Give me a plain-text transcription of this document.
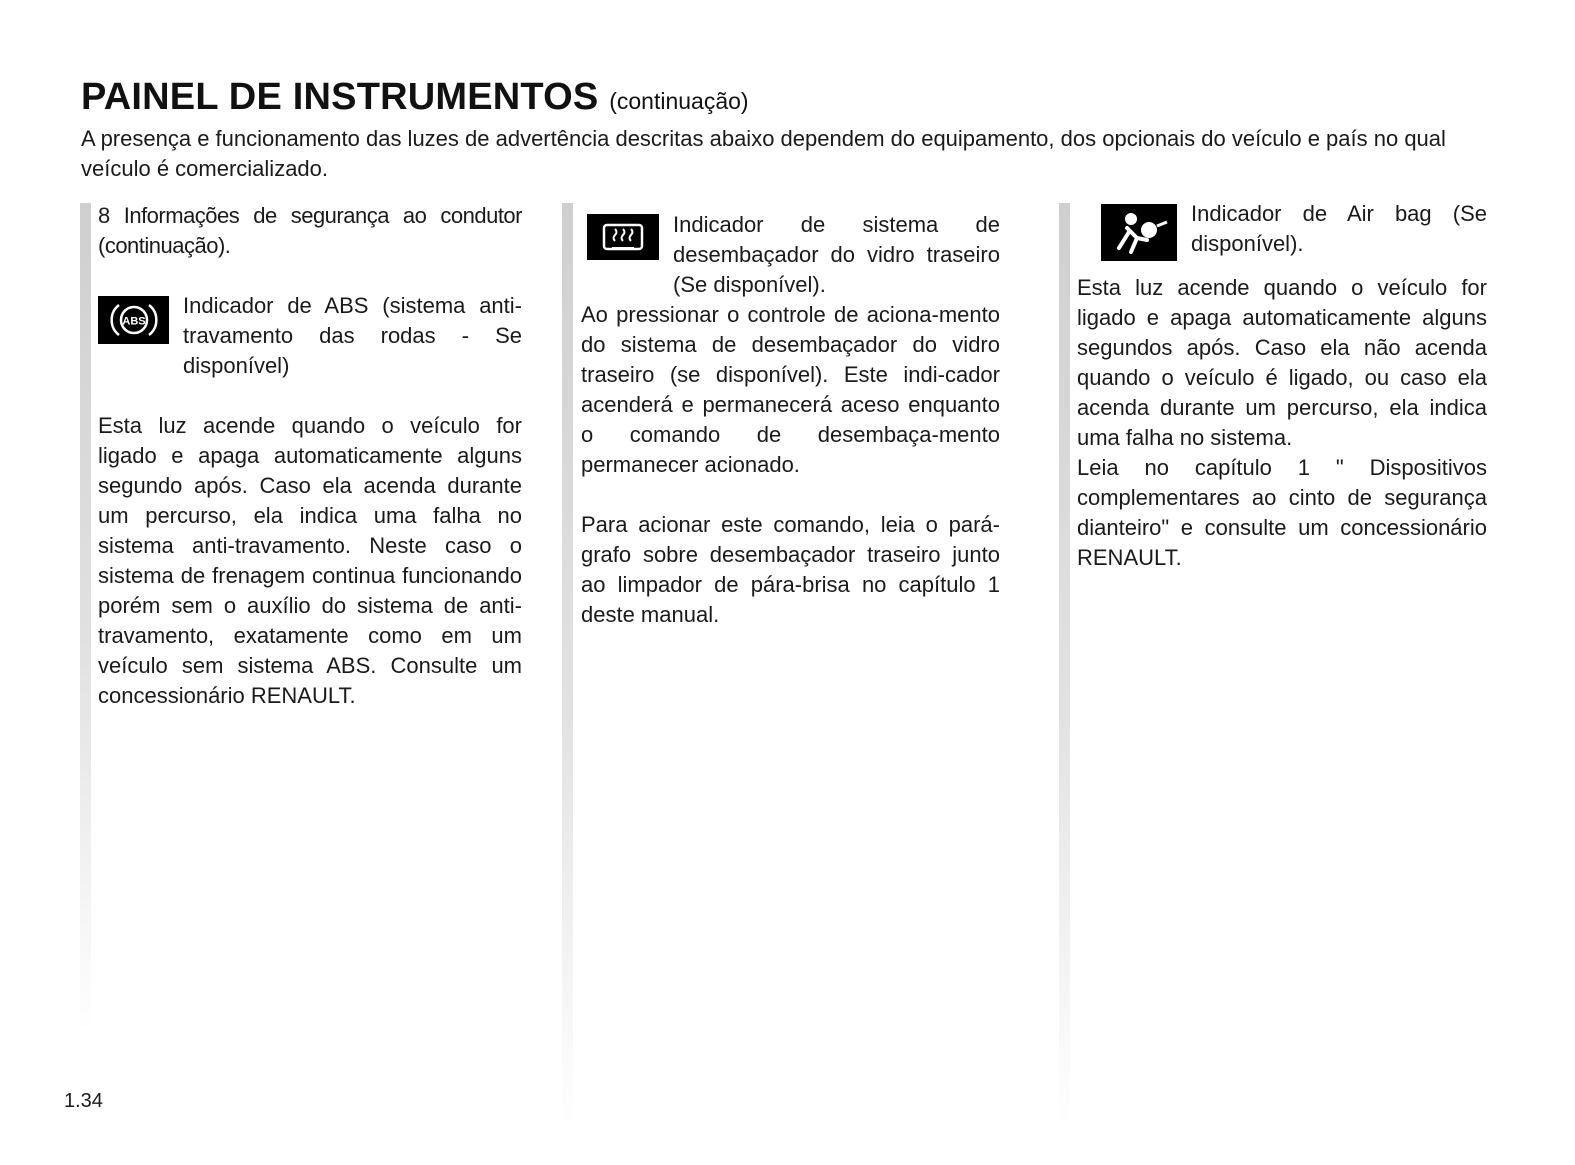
PAINEL DE INSTRUMENTOS (continuação)

A presença e funcionamento das luzes de advertência descritas abaixo dependem do equipamento, dos opcionais do veículo e país no qual veículo é comercializado.

8 Informações de segurança ao condutor (continuação).

ABS
Indicador de ABS (sistema anti-travamento das rodas - Se disponível)

Esta luz acende quando o veículo for ligado e apaga automaticamente alguns segundo após. Caso ela acenda durante um percurso, ela indica uma falha no sistema anti-travamento. Neste caso o sistema de frenagem continua funcionando porém sem o auxílio do sistema de anti-travamento, exatamente como em um veículo sem sistema ABS. Consulte um concessionário RENAULT.

Indicador de sistema de desembaçador do vidro traseiro (Se disponível).

Ao pressionar o controle de aciona-mento do sistema de desembaçador do vidro traseiro (se disponível). Este indi-cador acenderá e permanecerá aceso enquanto o comando de desembaça-mento permanecer acionado.

Para acionar este comando, leia o pará-grafo sobre desembaçador traseiro junto ao limpador de pára-brisa no capítulo 1 deste manual.

Indicador de Air bag (Se disponível).

Esta luz acende quando o veículo for ligado e apaga automaticamente alguns segundos após. Caso ela não acenda quando o veículo é ligado, ou caso ela acenda durante um percurso, ela indica uma falha no sistema.

Leia no capítulo 1 " Dispositivos complementares ao cinto de segurança dianteiro" e consulte um concessionário RENAULT.

1.34
